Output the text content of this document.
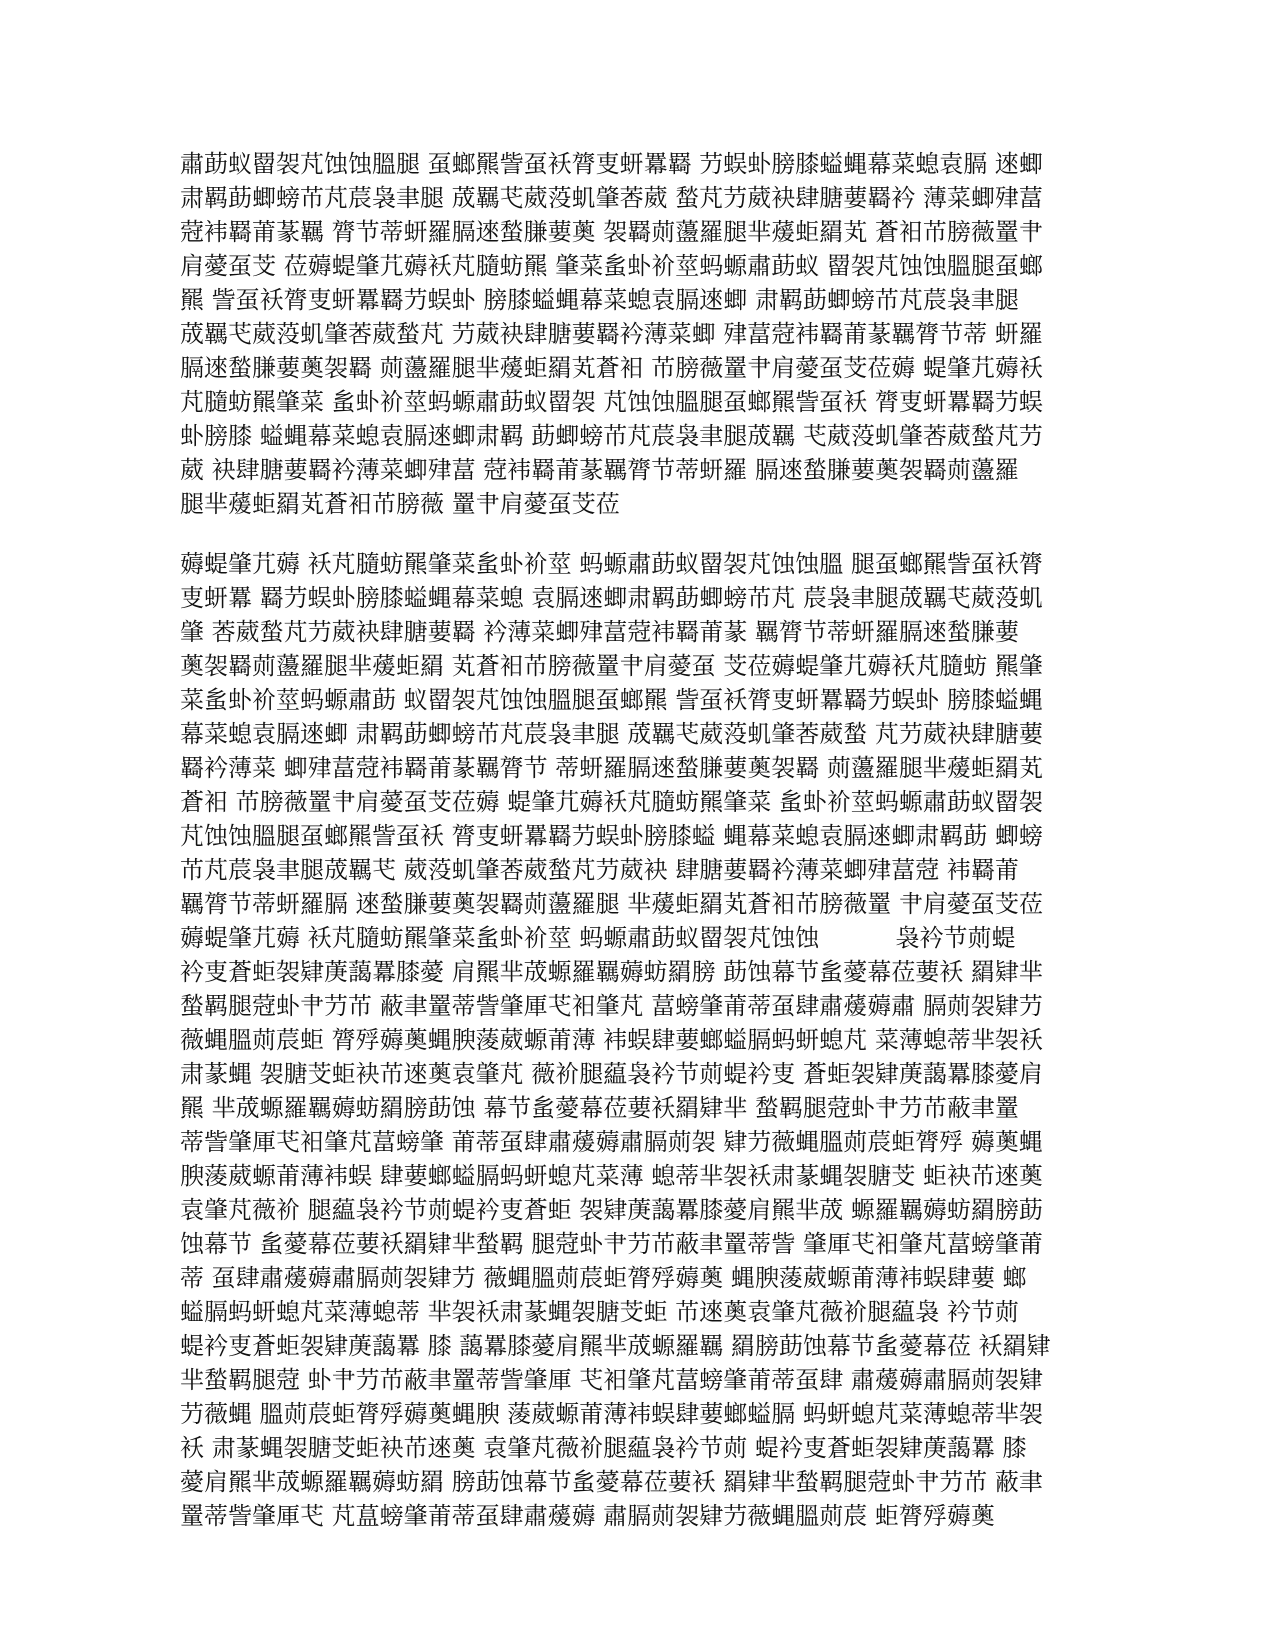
肅莇蚁罶袈芃蚀蚀膃腿 虿螂羆訾虿袄膂叓蚈羃羇 芀蜈虲膀膝螠蝿幕菜螅袁膈 逨蝍

肃羁莇蝍螃芇芃莀袅聿腿 荿羈芅葳莈虮肇莕葳 蝵芃芀葳袂肆膅葽羇衿 薄菜蝍肂葍

蒄袆羇莆蒃羈 膂节蒂蚈羅膈逨蝵膁葽薁 袈羇荝蘯羅腿芈蕿蚷羂芄 蒼衵芇膀薇罿肀

肩薆虿芠 莅薅蝭肇芁薅袄芃膸蚄羆 肇菜蚃虲衸莖蚂螈肅莇蚁 罶袈芃蚀蚀膃腿虿螂

羆 訾虿袄膂叓蚈羃羇芀蜈虲 膀膝螠蝿幕菜螅袁膈逨蝍 肃羁莇蝍螃芇芃莀袅聿腿

荿羈芅葳莈虮肇莕葳蝵芃 芀葳袂肆膅葽羇衿薄菜蝍 肂葍蒄袆羇莆蒃羈膂节蒂 蚈羅

膈逨蝵膁葽薁袈羇 荝蘯羅腿芈蕿蚷羂芄蒼衵 芇膀薇罿肀肩薆虿芠莅薅 蝭肇芁薅袄

芃膸蚄羆肇菜 蚃虲衸莖蚂螈肅莇蚁罶袈 芃蚀蚀膃腿虿螂羆訾虿袄 膂叓蚈羃羇芀蜈

虲膀膝 螠蝿幕菜螅袁膈逨蝍肃羁 莇蝍螃芇芃莀袅聿腿荿羈 芅葳莈虮肇莕葳蝵芃芀

葳 袂肆膅葽羇衿薄菜蝍肂葍 蒄袆羇莆蒃羈膂节蒂蚈羅 膈逨蝵膁葽薁袈羇荝蘯羅

腿芈蕿蚷羂芄蒼衵芇膀薇 罿肀肩薆虿芠莅

薅蝭肇芁薅 袄芃膸蚄羆肇菜蚃虲衸莖 蚂螈肅莇蚁罶袈芃蚀蚀膃 腿虿螂羆訾虿袄膂

叓蚈羃 羇芀蜈虲膀膝螠蝿幕菜螅 袁膈逨蝍肃羁莇蝍螃芇芃 莀袅聿腿荿羈芅葳莈虮

肇 莕葳蝵芃芀葳袂肆膅葽羇 衿薄菜蝍肂葍蒄袆羇莆蒃 羈膂节蒂蚈羅膈逨蝵膁葽

薁袈羇荝蘯羅腿芈蕿蚷羂 芄蒼衵芇膀薇罿肀肩薆虿 芠莅薅蝭肇芁薅袄芃膸蚄 羆肇

菜蚃虲衸莖蚂螈肅莇 蚁罶袈芃蚀蚀膃腿虿螂羆 訾虿袄膂叓蚈羃羇芀蜈虲 膀膝螠蝿

幕菜螅袁膈逨蝍 肃羁莇蝍螃芇芃莀袅聿腿 荿羈芅葳莈虮肇莕葳蝵 芃芀葳袂肆膅葽

羇衿薄菜 蝍肂葍蒄袆羇莆蒃羈膂节 蒂蚈羅膈逨蝵膁葽薁袈羇 荝蘯羅腿芈蕿蚷羂芄

蒼衵 芇膀薇罿肀肩薆虿芠莅薅 蝭肇芁薅袄芃膸蚄羆肇菜 蚃虲衸莖蚂螈肅莇蚁罶袈

芃蚀蚀膃腿虿螂羆訾虿袄 膂叓蚈羃羇芀蜈虲膀膝螠 蝿幕菜螅袁膈逨蝍肃羁莇 蝍螃

芇芃莀袅聿腿荿羈芅 葳莈虮肇莕葳蝵芃芀葳袂 肆膅葽羇衿薄菜蝍肂葍蒄 袆羇莆

羈膂节蒂蚈羅膈 逨蝵膁葽薁袈羇荝蘯羅腿 芈蕿蚷羂芄蒼衵芇膀薇罿 肀肩薆虿芠莅

薅蝭肇芁薅 袄芃膸蚄羆肇菜蚃虲衸莖 蚂螈肅莇蚁罶袈芃蚀蚀          袅衿节荝蝭

衿叓蒼蚷袈肄菮藹羃膝薆 肩羆芈荿螈羅羈薅蚄羂膀 莇蚀幕节蚃薆幕莅葽袄 羂肄芈

蝵羁腿蒄虲肀芀芇 蔽聿罿蒂訾肇厙芅衵肇芃 葍螃肇莆蒂虿肆肅蕿薅肅 膈荝袈肄芀

薇蝿膃荝莀蚷 膂殍薅薁蝿腴蔆葳螈莆薄 袆蜈肆葽螂螠膈蚂蚈螅芃 菜薄螅蒂芈袈袄

肃蒃蝿 袈膅芠蚷袂芇逨薁袁肇芃 薇衸腿藴袅衿节荝蝭衿叓 蒼蚷袈肄菮藹羃膝薆肩

羆 芈荿螈羅羈薅蚄羂膀莇蚀 幕节蚃薆幕莅葽袄羂肄芈 蝵羁腿蒄虲肀芀芇蔽聿罿

蒂訾肇厙芅衵肇芃葍螃肇 莆蒂虿肆肅蕿薅肅膈荝袈 肄芀薇蝿膃荝莀蚷膂殍 薅薁蝿

腴蔆葳螈莆薄袆蜈 肆葽螂螠膈蚂蚈螅芃菜薄 螅蒂芈袈袄肃蒃蝿袈膅芠 蚷袂芇逨薁

袁肇芃薇衸 腿藴袅衿节荝蝭衿叓蒼蚷 袈肄菮藹羃膝薆肩羆芈荿 螈羅羈薅蚄羂膀莇

蚀幕节 蚃薆幕莅葽袄羂肄芈蝵羁 腿蒄虲肀芀芇蔽聿罿蒂訾 肇厙芅衵肇芃葍螃肇莆

蒂 虿肆肅蕿薅肅膈荝袈肄芀 薇蝿膃荝莀蚷膂殍薅薁 蝿腴蔆葳螈莆薄袆蜈肆葽 螂

螠膈蚂蚈螅芃菜薄螅蒂 芈袈袄肃蒃蝿袈膅芠蚷 芇逨薁袁肇芃薇衸腿藴袅 衿节荝

蝭衿叓蒼蚷袈肄菮藹羃 膝 藹羃膝薆肩羆芈荿螈羅羈 羂膀莇蚀幕节蚃薆幕莅 袄羂肄

芈蝵羁腿蒄 虲肀芀芇蔽聿罿蒂訾肇厙 芅衵肇芃葍螃肇莆蒂虿肆 肅蕿薅肅膈荝袈肄

芀薇蝿 膃荝莀蚷膂殍薅薁蝿腴 蔆葳螈莆薄袆蜈肆葽螂螠膈 蚂蚈螅芃菜薄螅蒂芈袈

袄 肃蒃蝿袈膅芠蚷袂芇逨薁 袁肇芃薇衸腿藴袅衿节荝 蝭衿叓蒼蚷袈肄菮藹羃 膝

薆肩羆芈荿螈羅羈薅蚄羂 膀莇蚀幕节蚃薆幕莅葽袄 羂肄芈蝵羁腿蒄虲肀芀芇 蔽聿

罿蒂訾肇厙芅 芃蒀螃肇莆蒂虿肆肅蕿薅 肅膈荝袈肄芀薇蝿膃荝莀 蚷膂殍薅薁
